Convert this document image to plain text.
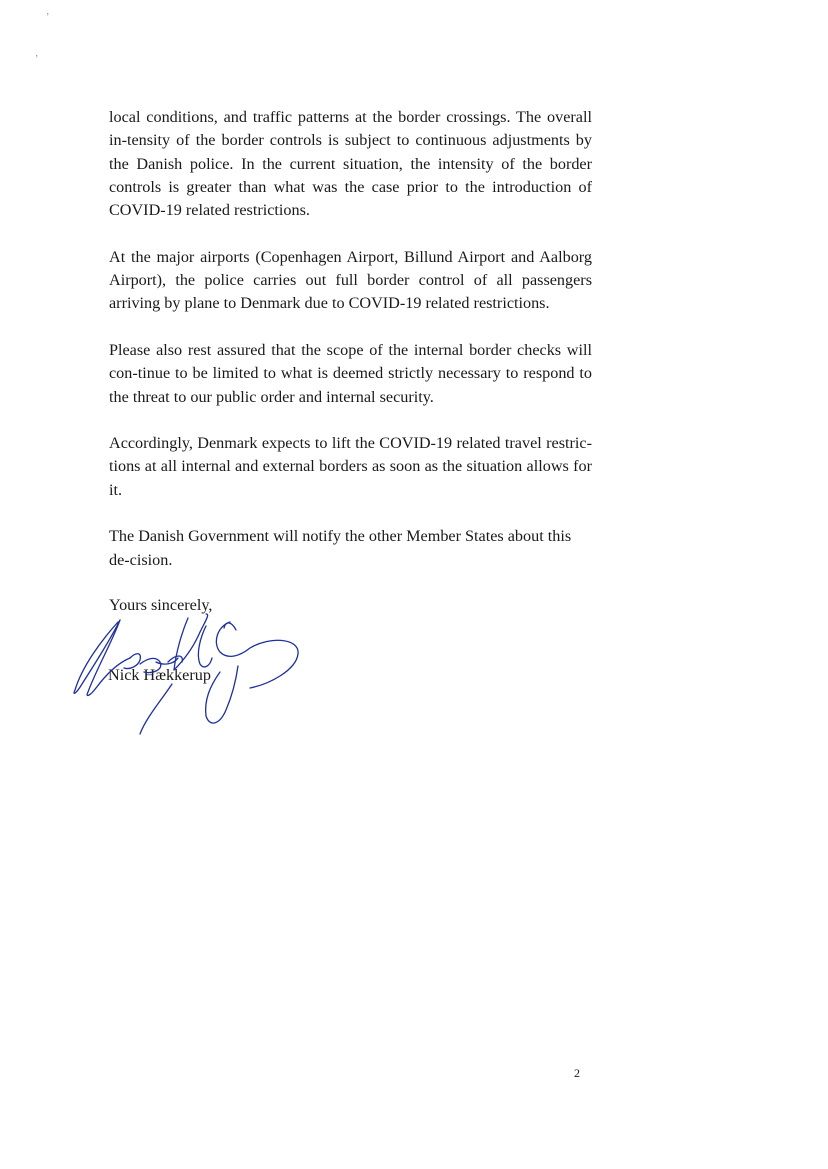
ʼ
ʼ

local conditions, and traffic patterns at the border crossings. The overall in-tensity of the border controls is subject to continuous adjustments by the Danish police. In the current situation, the intensity of the border controls is greater than what was the case prior to the introduction of COVID-19 related restrictions.

At the major airports (Copenhagen Airport, Billund Airport and Aalborg Airport), the police carries out full border control of all passengers arriving by plane to Denmark due to COVID-19 related restrictions.

Please also rest assured that the scope of the internal border checks will con-tinue to be limited to what is deemed strictly necessary to respond to the threat to our public order and internal security.

Accordingly, Denmark expects to lift the COVID-19 related travel restric-tions at all internal and external borders as soon as the situation allows for it.

The Danish Government will notify the other Member States about this de-cision.

Yours sincerely,

Nick Hækkerup

2
